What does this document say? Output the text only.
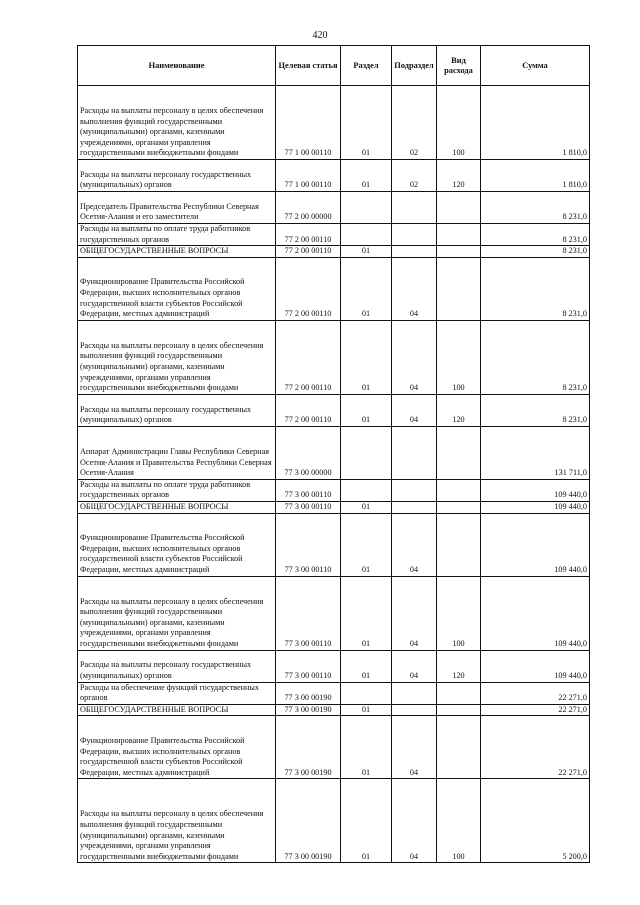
420
Наименование	Целевая статья	Раздел	Подраздел	Вид расхода	Сумма
Расходы на выплаты персоналу в целях обеспечения выполнения функций государственными (муниципальными) органами, казенными учреждениями, органами управления государственными внебюджетными фондами	77 1 00 00110	01	02	100	1 810,0
Расходы на выплаты персоналу государственных (муниципальных) органов	77 1 00 00110	01	02	120	1 810,0
Председатель Правительства Республики Северная Осетия-Алания и его заместители	77 2 00 00000				8 231,0
Расходы на выплаты по оплате труда работников государственных органов	77 2 00 00110				8 231,0
ОБЩЕГОСУДАРСТВЕННЫЕ ВОПРОСЫ	77 2 00 00110	01			8 231,0
Функционирование Правительства Российской Федерации, высших исполнительных органов государственной власти субъектов Российской Федерации, местных администраций	77 2 00 00110	01	04		8 231,0
Расходы на выплаты персоналу в целях обеспечения выполнения функций государственными (муниципальными) органами, казенными учреждениями, органами управления государственными внебюджетными фондами	77 2 00 00110	01	04	100	8 231,0
Расходы на выплаты персоналу государственных (муниципальных) органов	77 2 00 00110	01	04	120	8 231,0
Аппарат Администрации Главы Республики Северная Осетия-Алания и Правительства Республики Северная Осетия-Алания	77 3 00 00000				131 711,0
Расходы на выплаты по оплате труда работников государственных органов	77 3 00 00110				109 440,0
ОБЩЕГОСУДАРСТВЕННЫЕ ВОПРОСЫ	77 3 00 00110	01			109 440,0
Функционирование Правительства Российской Федерации, высших исполнительных органов государственной власти субъектов Российской Федерации, местных администраций	77 3 00 00110	01	04		109 440,0
Расходы на выплаты персоналу в целях обеспечения выполнения функций государственными (муниципальными) органами, казенными учреждениями, органами управления государственными внебюджетными фондами	77 3 00 00110	01	04	100	109 440,0
Расходы на выплаты персоналу государственных (муниципальных) органов	77 3 00 00110	01	04	120	109 440,0
Расходы на обеспечение функций государственных органов	77 3 00 00190				22 271,0
ОБЩЕГОСУДАРСТВЕННЫЕ ВОПРОСЫ	77 3 00 00190	01			22 271,0
Функционирование Правительства Российской Федерации, высших исполнительных органов государственной власти субъектов Российской Федерации, местных администраций	77 3 00 00190	01	04		22 271,0
Расходы на выплаты персоналу в целях обеспечения выполнения функций государственными (муниципальными) органами, казенными учреждениями, органами управления государственными внебюджетными фондами	77 3 00 00190	01	04	100	5 200,0
